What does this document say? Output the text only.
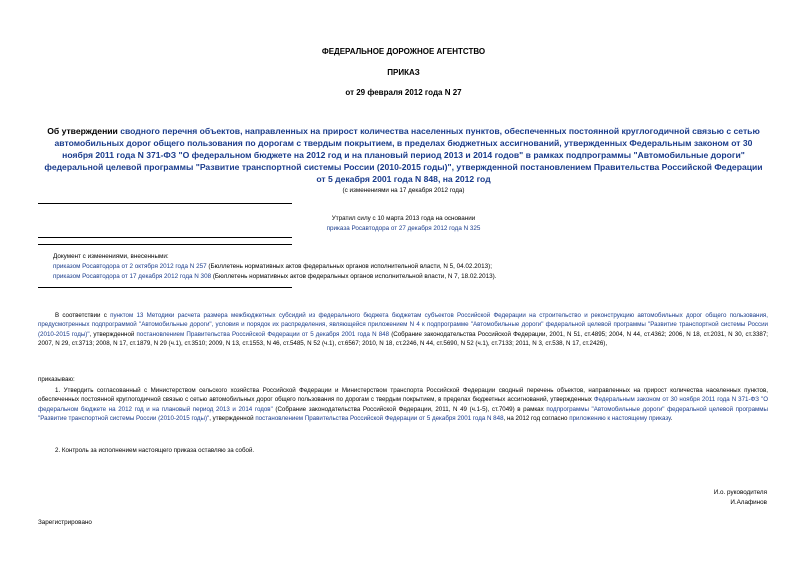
ФЕДЕРАЛЬНОЕ ДОРОЖНОЕ АГЕНТСТВО
ПРИКАЗ
от 29 февраля 2012 года N 27
Об утверждении сводного перечня объектов, направленных на прирост количества населенных пунктов, обеспеченных постоянной круглогодичной связью с сетью автомобильных дорог общего пользования по дорогам с твердым покрытием, в пределах бюджетных ассигнований, утвержденных Федеральным законом от 30 ноября 2011 года N 371-ФЗ "О федеральном бюджете на 2012 год и на плановый период 2013 и 2014 годов" в рамках подпрограммы "Автомобильные дороги" федеральной целевой программы "Развитие транспортной системы России (2010-2015 годы)", утвержденной постановлением Правительства Российской Федерации от 5 декабря 2001 года N 848, на 2012 год
(с изменениями на 17 декабря 2012 года)
Утратил силу с 10 марта 2013 года на основании
приказа Росавтодора от 27 декабря 2012 года N 325
Документ с изменениями, внесенными:
приказом Росавтодора от 2 октября 2012 года N 257 (Бюллетень нормативных актов федеральных органов исполнительной власти, N 5, 04.02.2013);
приказом Росавтодора от 17 декабря 2012 года N 308 (Бюллетень нормативных актов федеральных органов исполнительной власти, N 7, 18.02.2013).
В соответствии с пунктом 13 Методики расчета размера межбюджетных субсидий из федерального бюджета бюджетам субъектов Российской Федерации на строительство и реконструкцию автомобильных дорог общего пользования, предусмотренных подпрограммой "Автомобильные дороги", условия и порядок их распределения, являющейся приложением N 4 к подпрограмме "Автомобильные дороги" федеральной целевой программы "Развитие транспортной системы России (2010-2015 годы)", утвержденной постановлением Правительства Российской Федерации от 5 декабря 2001 года N 848 (Собрание законодательства Российской Федерации, 2001, N 51, ст.4895; 2004, N 44, ст.4362; 2006, N 18, ст.2031, N 30, ст.3387; 2007, N 29, ст.3713; 2008, N 17, ст.1879, N 29 (ч.1), ст.3510; 2009, N 13, ст.1553, N 46, ст.5485, N 52 (ч.1), ст.6567; 2010, N 18, ст.2246, N 44, ст.5690, N 52 (ч.1), ст.7133; 2011, N 3, ст.538, N 17, ст.2426),
приказываю:
1. Утвердить согласованный с Министерством сельского хозяйства Российской Федерации и Министерством транспорта Российской Федерации сводный перечень объектов, направленных на прирост количества населенных пунктов, обеспеченных постоянной круглогодичной связью с сетью автомобильных дорог общего пользования по дорогам с твердым покрытием, в пределах бюджетных ассигнований, утвержденных Федеральным законом от 30 ноября 2011 года N 371-ФЗ "О федеральном бюджете на 2012 год и на плановый период 2013 и 2014 годов" (Собрание законодательства Российской Федерации, 2011, N 49 (ч.1-5), ст.7049) в рамках подпрограммы "Автомобильные дороги" федеральной целевой программы "Развитие транспортной системы России (2010-2015 годы)", утвержденной постановлением Правительства Российской Федерации от 5 декабря 2001 года N 848, на 2012 год согласно приложению к настоящему приказу.
2. Контроль за исполнением настоящего приказа оставляю за собой.
И.о. руководителя
И.Алафинов
Зарегистрировано
